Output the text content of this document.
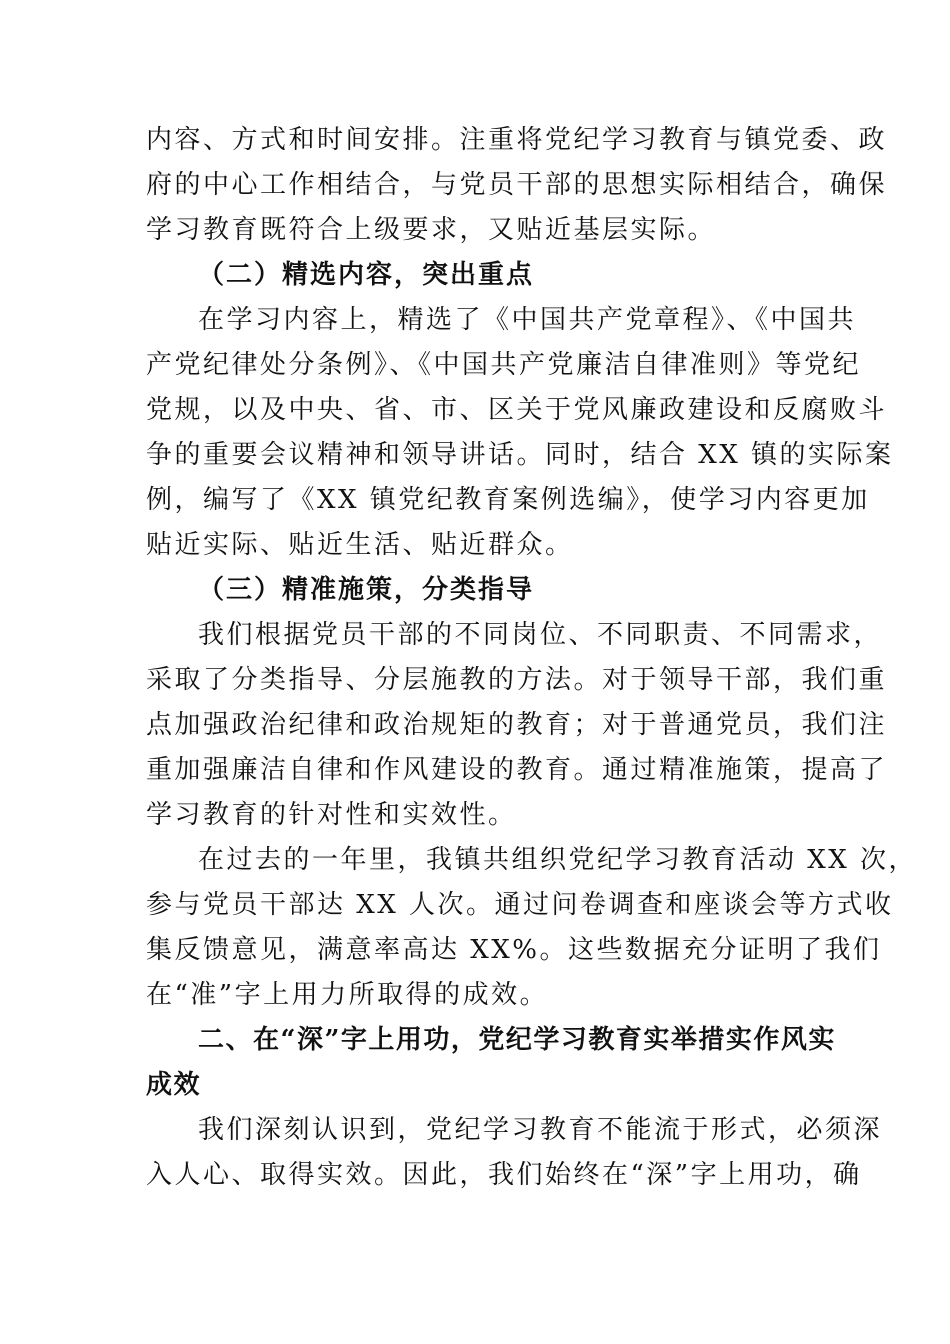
内容、方式和时间安排。注重将党纪学习教育与镇党委、政
府的中心工作相结合，与党员干部的思想实际相结合，确保
学习教育既符合上级要求，又贴近基层实际。
（二）精选内容，突出重点
在学习内容上，精选了《中国共产党章程》、《中国共
产党纪律处分条例》、《中国共产党廉洁自律准则》等党纪
党规，以及中央、省、市、区关于党风廉政建设和反腐败斗
争的重要会议精神和领导讲话。同时，结合 XX 镇的实际案
例，编写了《XX 镇党纪教育案例选编》，使学习内容更加
贴近实际、贴近生活、贴近群众。
（三）精准施策，分类指导
我们根据党员干部的不同岗位、不同职责、不同需求，
采取了分类指导、分层施教的方法。对于领导干部，我们重
点加强政治纪律和政治规矩的教育；对于普通党员，我们注
重加强廉洁自律和作风建设的教育。通过精准施策，提高了
学习教育的针对性和实效性。
在过去的一年里，我镇共组织党纪学习教育活动 XX 次，
参与党员干部达 XX 人次。通过问卷调查和座谈会等方式收
集反馈意见，满意率高达 XX%。这些数据充分证明了我们
在“准”字上用力所取得的成效。
二、在“深”字上用功，党纪学习教育实举措实作风实
成效
我们深刻认识到，党纪学习教育不能流于形式，必须深
入人心、取得实效。因此，我们始终在“深”字上用功，确
